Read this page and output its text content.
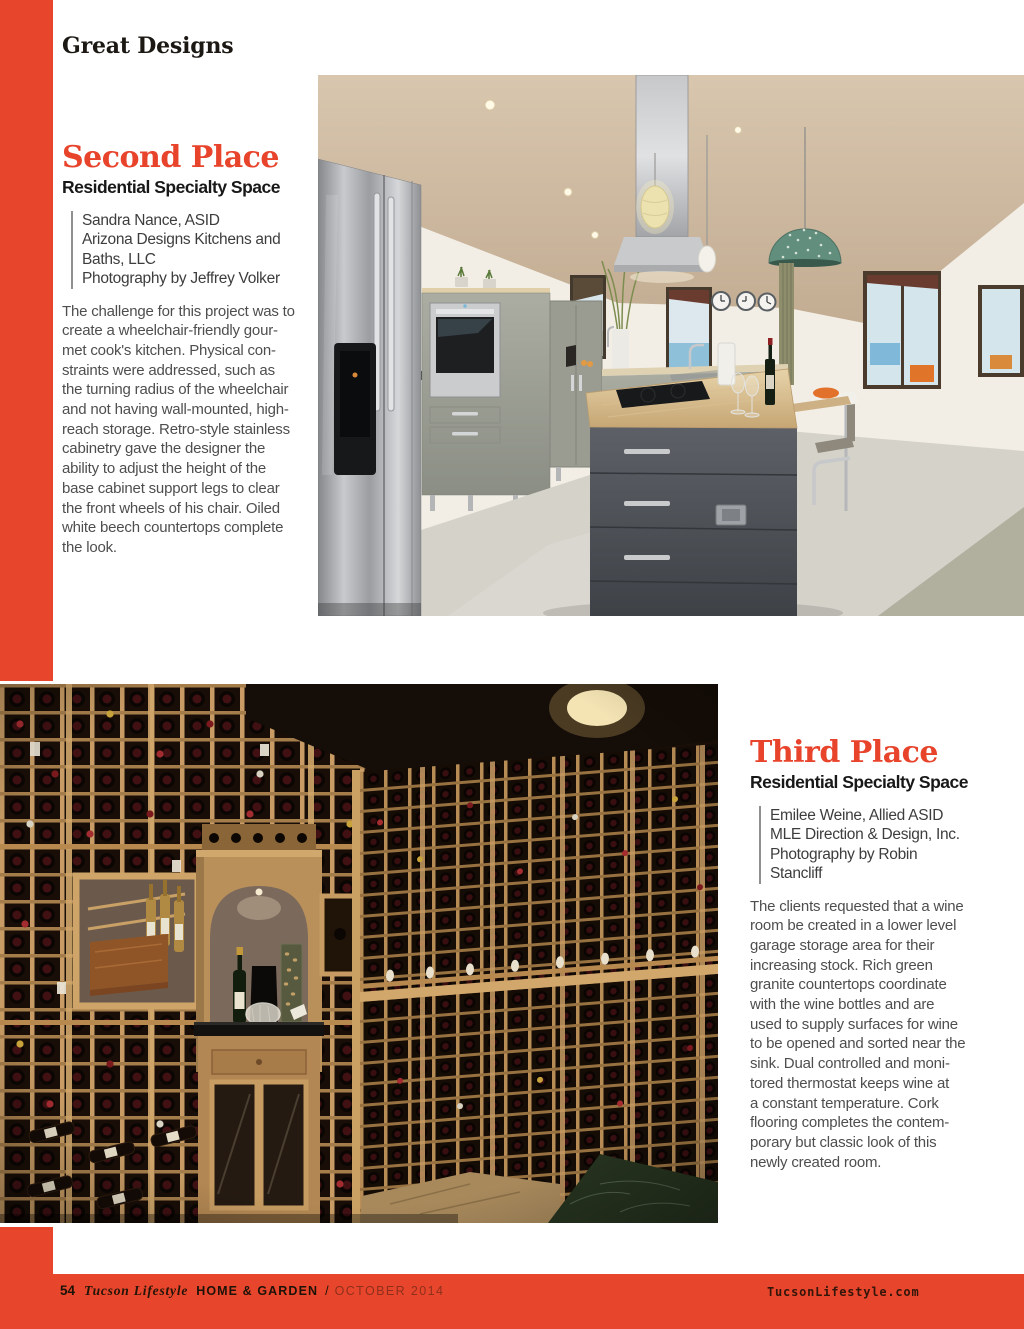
Great Designs
Second Place
Residential Specialty Space
Sandra Nance, ASID
Arizona Designs Kitchens and
Baths, LLC
Photography by Jeffrey Volker
The challenge for this project was to
create a wheelchair-friendly gour-
met cook's kitchen. Physical con-
straints were addressed, such as
the turning radius of the wheelchair
and not having wall-mounted, high-
reach storage. Retro-style stainless
cabinetry gave the designer the
ability to adjust the height of the
base cabinet support legs to clear
the front wheels of his chair. Oiled
white beech countertops complete
the look.
Third Place
Residential Specialty Space
Emilee Weine, Allied ASID
MLE Direction & Design, Inc.
Photography by Robin
Stancliff
The clients requested that a wine
room be created in a lower level
garage storage area for their
increasing stock. Rich green
granite countertops coordinate
with the wine bottles and are
used to supply surfaces for wine
to be opened and sorted near the
sink. Dual controlled and moni-
tored thermostat keeps wine at
a constant temperature. Cork
flooring completes the contem-
porary but classic look of this
newly created room.
54 Tucson Lifestyle HOME & GARDEN / OCTOBER 2014	TucsonLifestyle.com
